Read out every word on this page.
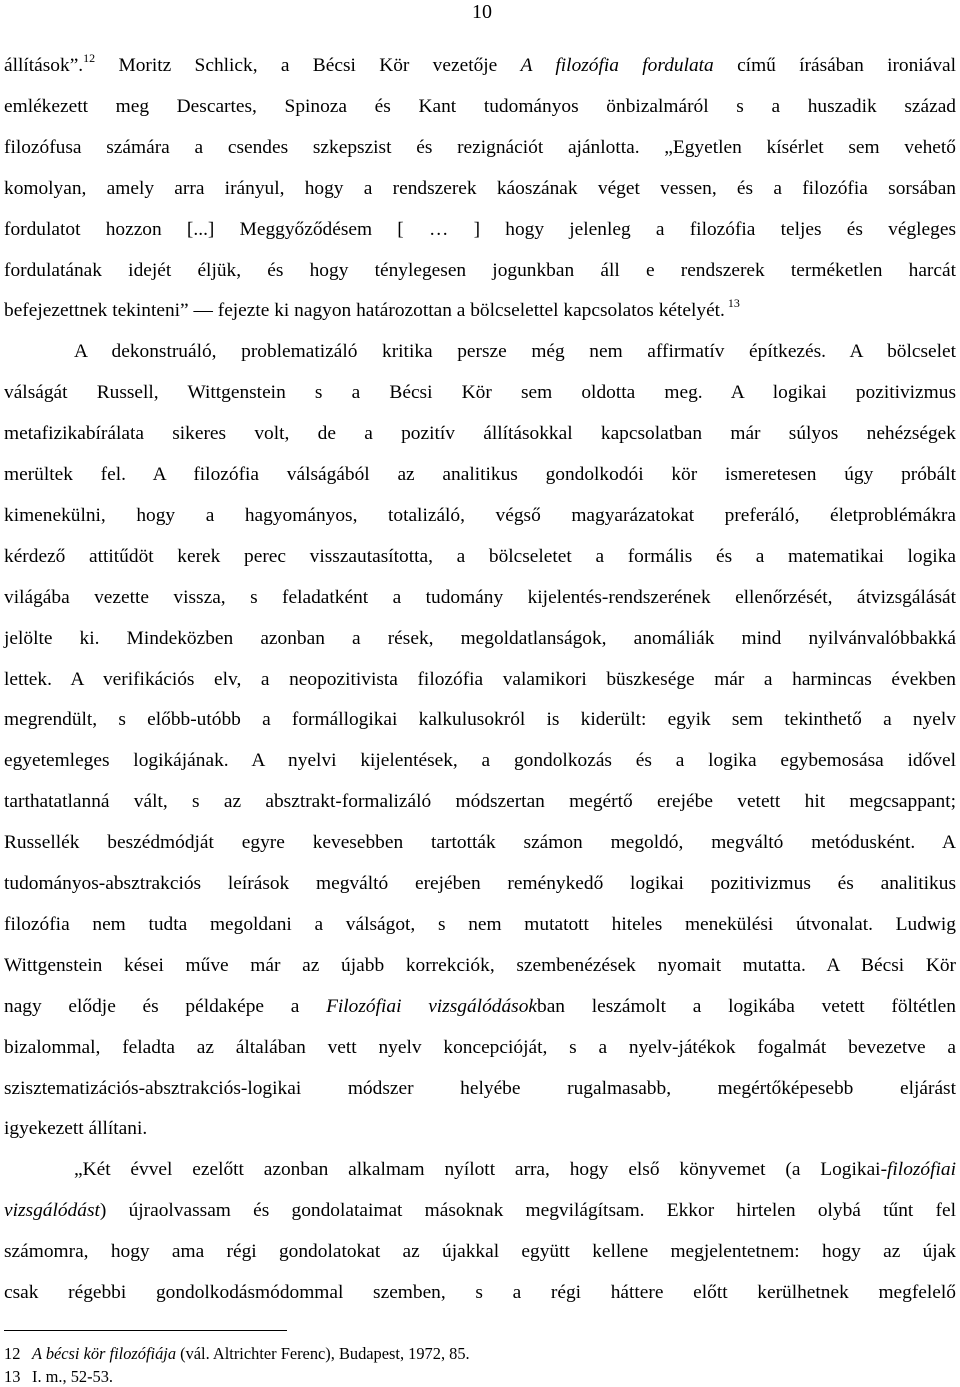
10
állítások”.$^{12}$ Moritz Schlick, a Bécsi Kör vezetője A filozófia fordulata című írásában ironiával
emlékezett meg Descartes, Spinoza és Kant tudományos önbizalmáról s a huszadik század
filozófusa számára a csendes szkepszist és rezignációt ajánlotta. „Egyetlen kísérlet sem vehető
komolyan, amely arra irányul, hogy a rendszerek káoszának véget vessen, és a filozófia sorsában
fordulatot hozzon [...] Meggyőződésem [ … ] hogy jelenleg a filozófia teljes és végleges
fordulatának idejét éljük, és hogy ténylegesen jogunkban áll e rendszerek terméketlen harcát
befejezettnek tekinteni” — fejezte ki nagyon határozottan a bölcselettel kapcsolatos kételyét. $^{13}$
A dekonstruáló, problematizáló kritika persze még nem affirmatív építkezés. A bölcselet
válságát Russell, Wittgenstein s a Bécsi Kör sem oldotta meg. A logikai pozitivizmus
metafizikabírálata sikeres volt, de a pozitív állításokkal kapcsolatban már súlyos nehézségek
merültek fel. A filozófia válságából az analitikus gondolkodói kör ismeretesen úgy próbált
kimenekülni, hogy a hagyományos, totalizáló, végső magyarázatokat preferáló, életproblémákra
kérdező attitűdöt kerek perec visszautasította, a bölcseletet a formális és a matematikai logika
világába vezette vissza, s feladatként a tudomány kijelentés-rendszerének ellenőrzését, átvizsgálását
jelölte ki. Mindeközben azonban a rések, megoldatlanságok, anomáliák mind nyilvánvalóbbakká
lettek. A verifikációs elv, a neopozitivista filozófia valamikori büszkesége már a harmincas években
megrendült, s előbb-utóbb a formállogikai kalkulusokról is kiderült: egyik sem tekinthető a nyelv
egyetemleges logikájának. A nyelvi kijelentések, a gondolkozás és a logika egybemosása idővel
tarthatatlanná vált, s az absztrakt-formalizáló módszertan megértő erejébe vetett hit megcsappant;
Russellék beszédmódját egyre kevesebben tartották számon megoldó, megváltó metódusként. A
tudományos-absztrakciós leírások megváltó erejében reménykedő logikai pozitivizmus és analitikus
filozófia nem tudta megoldani a válságot, s nem mutatott hiteles menekülési útvonalat. Ludwig
Wittgenstein kései műve már az újabb korrekciók, szembenézések nyomait mutatta. A Bécsi Kör
nagy elődje és példaképe a Filozófiai vizsgálódásokban leszámolt a logikába vetett föltétlen
bizalommal, feladta az általában vett nyelv koncepcióját, s a nyelv-játékok fogalmát bevezetve a
szisztematizációs-absztrakciós-logikai módszer helyébe rugalmasabb, megértőképesebb eljárást
igyekezett állítani.
„Két évvel ezelőtt azonban alkalmam nyílott arra, hogy első könyvemet (a Logikai-filozófiai
vizsgálódást) újraolvassam és gondolataimat másoknak megvilágítsam. Ekkor hirtelen olybá tűnt fel
számomra, hogy ama régi gondolatokat az újakkal együtt kellene megjelentetnem: hogy az újak
csak régebbi gondolkodásmódommal szemben, s a régi háttere előtt kerülhetnek megfelelő
12 A bécsi kör filozófiája (vál. Altrichter Ferenc), Budapest, 1972, 85.
13 I. m., 52-53.
